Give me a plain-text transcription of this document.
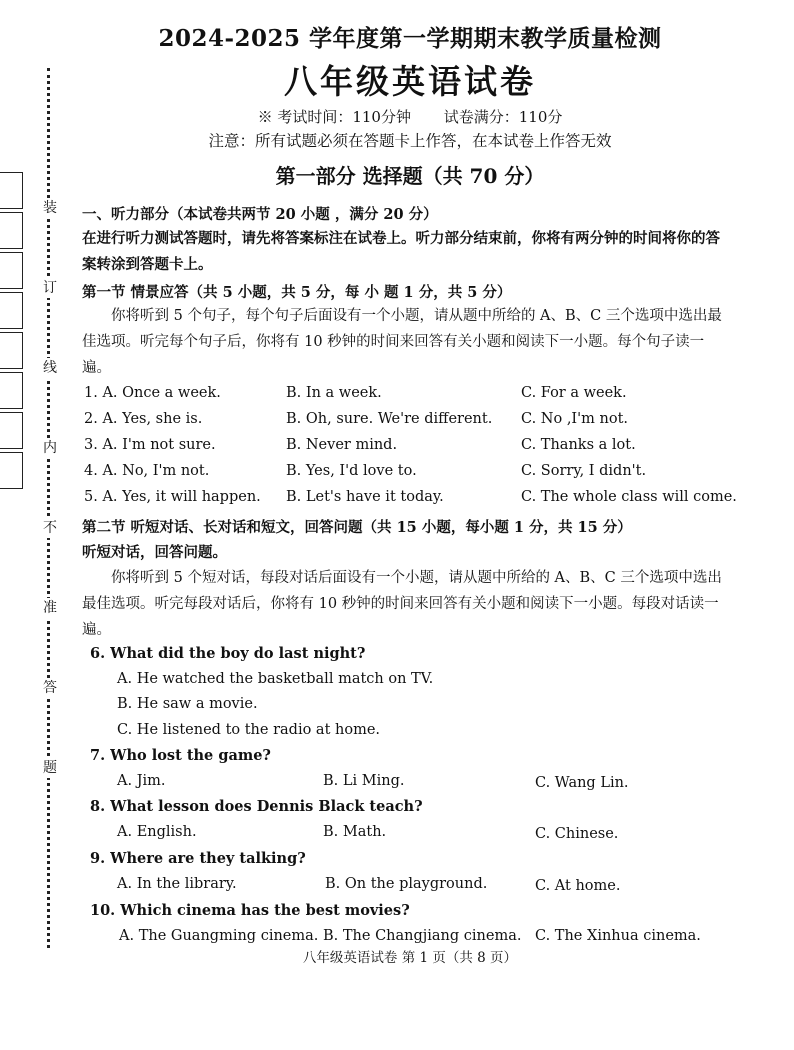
装
订
线
内
不
准
答
题
2024-2025 学年度第一学期期末教学质量检测
八年级英语试卷
※ 考试时间：110分钟 试卷满分：110分
注意：所有试题必须在答题卡上作答，在本试卷上作答无效
第一部分 选择题（共 70 分）
一、听力部分（本试卷共两节 20 小题 ，满分 20 分）
在进行听力测试答题时，请先将答案标注在试卷上。听力部分结束前，你将有两分钟的时间将你的答案转涂到答题卡上。
第一节 情景应答（共 5 小题，共 5 分，每 小 题 1 分，共 5 分）
你将听到 5 个句子，每个句子后面设有一个小题，请从题中所给的 A、B、C 三个选项中选出最佳选项。听完每个句子后，你将有 10 秒钟的时间来回答有关小题和阅读下一小题。每个句子读一遍。
1. A. Once a week.	B. In a week.	C. For a week.
2. A. Yes, she is.	B. Oh, sure. We're different. C. No ,I'm not.
3. A. I'm not sure.	B. Never mind.	C. Thanks a lot.
4. A. No, I'm not.	B. Yes, I'd love to.	C. Sorry, I didn't.
5. A. Yes, it will happen. B. Let's have it today.	C. The whole class will come.
第二节 听短对话、长对话和短文，回答问题（共 15 小题，每小题 1 分，共 15 分）
听短对话，回答问题。
你将听到 5 个短对话，每段对话后面设有一个小题，请从题中所给的 A、B、C 三个选项中选出最佳选项。听完每段对话后，你将有 10 秒钟的时间来回答有关小题和阅读下一小题。每段对话读一遍。
6. What did the boy do last night?
A. He watched the basketball match on TV.
B. He saw a movie.
C. He listened to the radio at home.
7. Who lost the game?
A. Jim.	B. Li Ming.	C. Wang Lin.
8. What lesson does Dennis Black teach?
A. English.	B. Math.	C. Chinese.
9. Where are they talking?
A. In the library.	B. On the playground.	C. At home.
10. Which cinema has the best movies?
A. The Guangming cinema. B. The Changjiang cinema. C. The Xinhua cinema.
八年级英语试卷 第 1 页（共 8 页）
